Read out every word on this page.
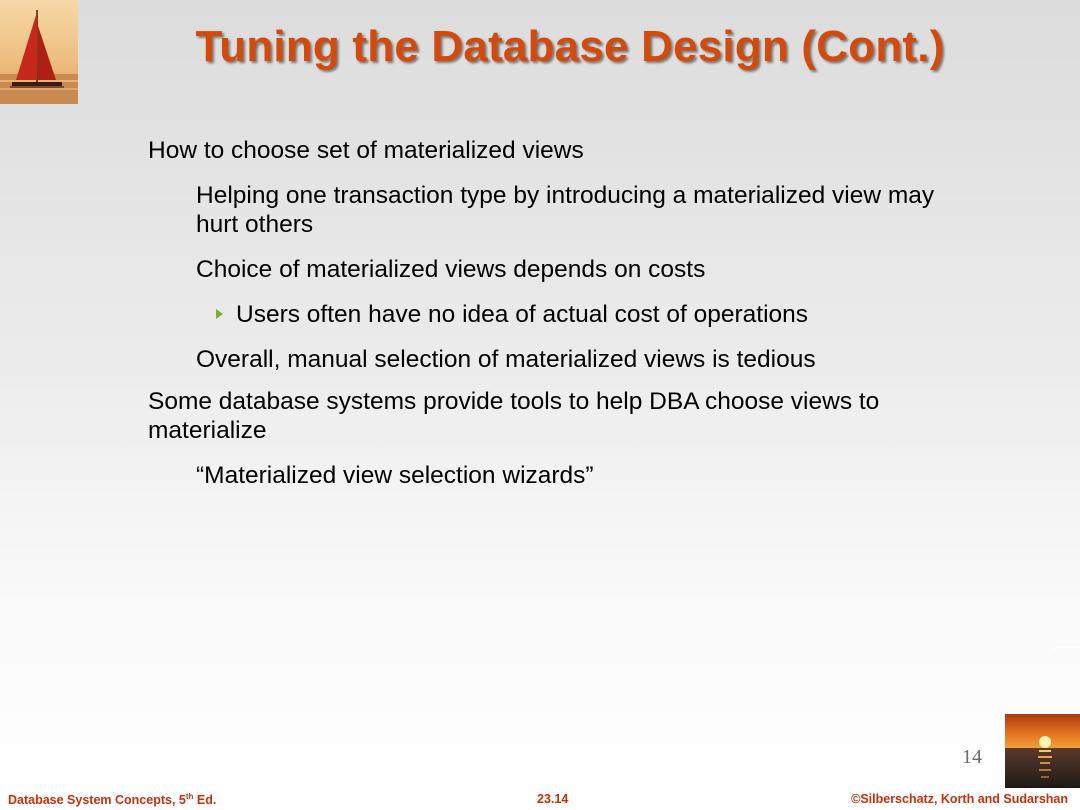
Tuning the Database Design (Cont.)
How to choose set of materialized views
Helping one transaction type by introducing a materialized view may hurt others
Choice of materialized views depends on costs
Users often have no idea of actual cost of operations
Overall, manual selection of materialized views is tedious
Some database systems provide tools to help DBA choose views to materialize
“Materialized view selection wizards”
14
Database System Concepts, 5th Ed.	23.14	©Silberschatz, Korth and Sudarshan
